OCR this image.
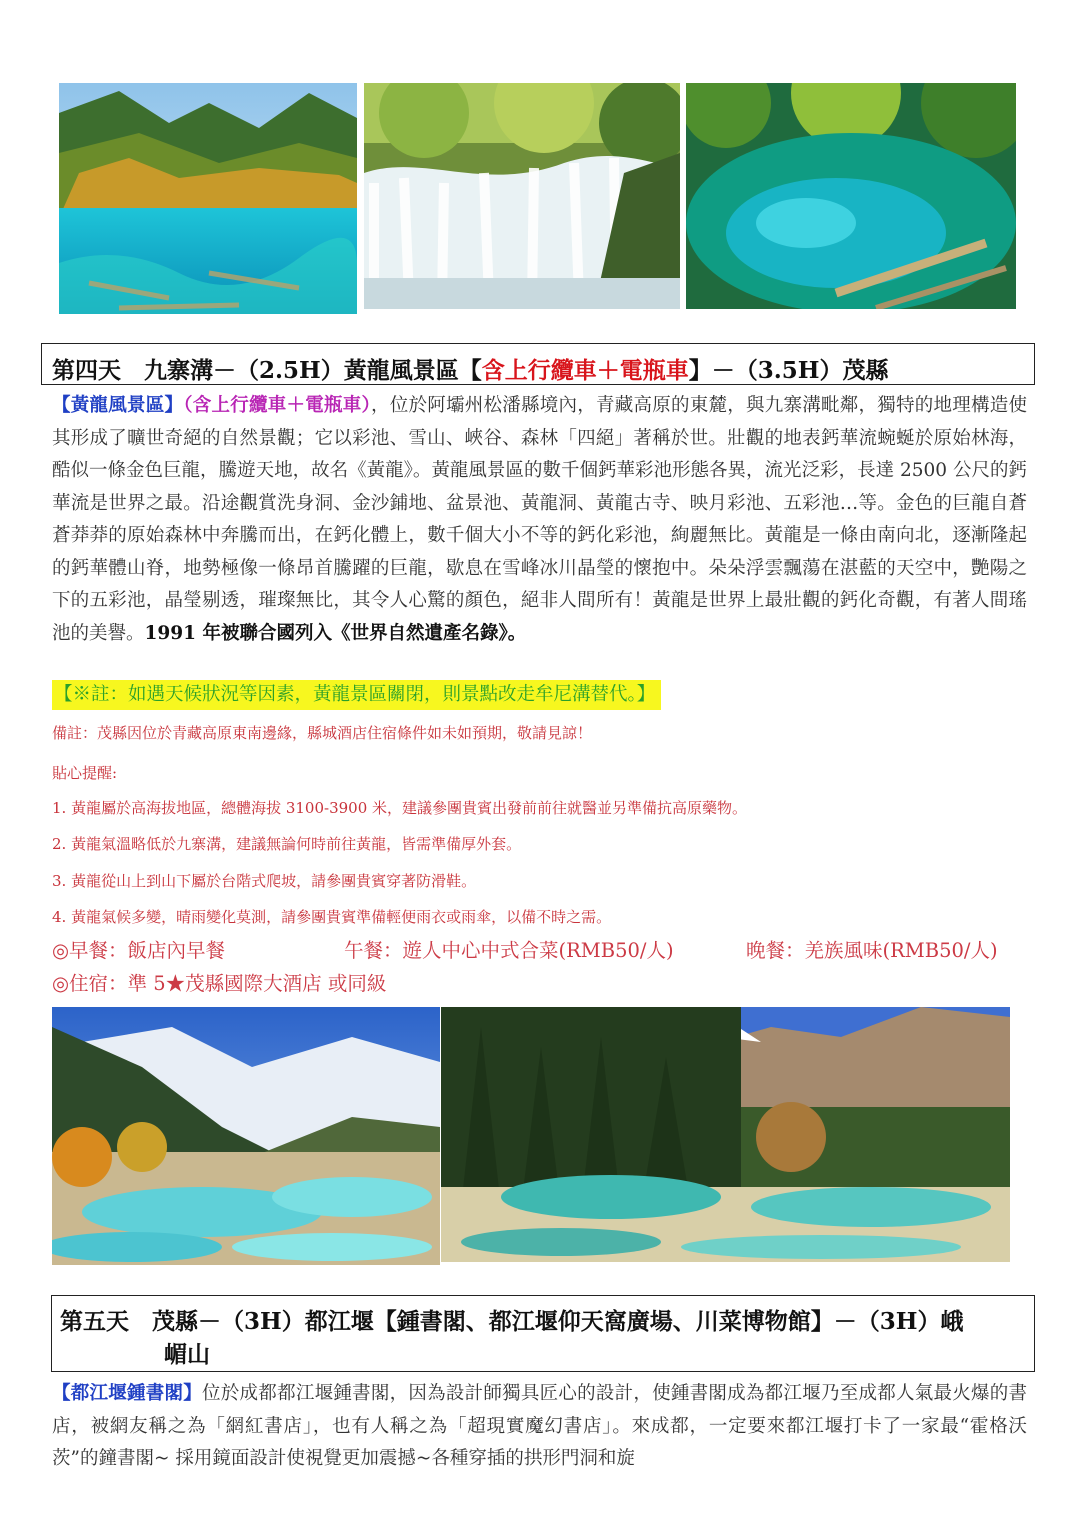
第四天　九寨溝－（2.5H）黃龍風景區【含上行纜車＋電瓶車】－（3.5H）茂縣
【黃龍風景區】（含上行纜車＋電瓶車），位於阿壩州松潘縣境內，青藏高原的東麓，與九寨溝毗鄰，獨特的地理構造使其形成了曠世奇絕的自然景觀；它以彩池、雪山、峽谷、森林「四絕」著稱於世。壯觀的地表鈣華流蜿蜒於原始林海，酷似一條金色巨龍，騰遊天地，故名《黃龍》。黃龍風景區的數千個鈣華彩池形態各異，流光泛彩，長達 2500 公尺的鈣華流是世界之最。沿途觀賞洗身洞、金沙鋪地、盆景池、黃龍洞、黃龍古寺、映月彩池、五彩池…等。金色的巨龍自蒼蒼莽莽的原始森林中奔騰而出，在鈣化體上，數千個大小不等的鈣化彩池，絢麗無比。黃龍是一條由南向北，逐漸隆起的鈣華體山脊，地勢極像一條昂首騰躍的巨龍，歇息在雪峰冰川晶瑩的懷抱中。朵朵浮雲飄蕩在湛藍的天空中，艷陽之下的五彩池，晶瑩剔透，璀璨無比，其令人心驚的顏色，絕非人間所有！黃龍是世界上最壯觀的鈣化奇觀，有著人間瑤池的美譽。1991 年被聯合國列入《世界自然遺產名錄》。
【※註：如遇天候狀況等因素，黃龍景區關閉，則景點改走牟尼溝替代。】
備註：茂縣因位於青藏高原東南邊緣，縣城酒店住宿條件如未如預期，敬請見諒！
貼心提醒:
1. 黃龍屬於高海拔地區，總體海拔 3100-3900 米，建議參團貴賓出發前前往就醫並另準備抗高原藥物。
2. 黃龍氣溫略低於九寨溝，建議無論何時前往黃龍，皆需準備厚外套。
3. 黃龍從山上到山下屬於台階式爬坡，請參團貴賓穿著防滑鞋。
4. 黃龍氣候多變，晴雨變化莫測，請參團貴賓準備輕便雨衣或雨傘，以備不時之需。
◎早餐：飯店內早餐	午餐：遊人中心中式合菜(RMB50/人)	晚餐：羌族風味(RMB50/人)
◎住宿：準 5★茂縣國際大酒店 或同級
第五天　茂縣－（3H）都江堰【鍾書閣、都江堰仰天窩廣場、川菜博物館】－（3H）峨
嵋山
【都江堰鍾書閣】位於成都都江堰鍾書閣，因為設計師獨具匠心的設計，使鍾書閣成為都江堰乃至成都人氣最火爆的書店，被網友稱之為「網紅書店」，也有人稱之為「超現實魔幻書店」。來成都，一定要來都江堰打卡了一家最“霍格沃茨”的鐘書閣~ 採用鏡面設計使視覺更加震撼~各種穿插的拱形門洞和旋
